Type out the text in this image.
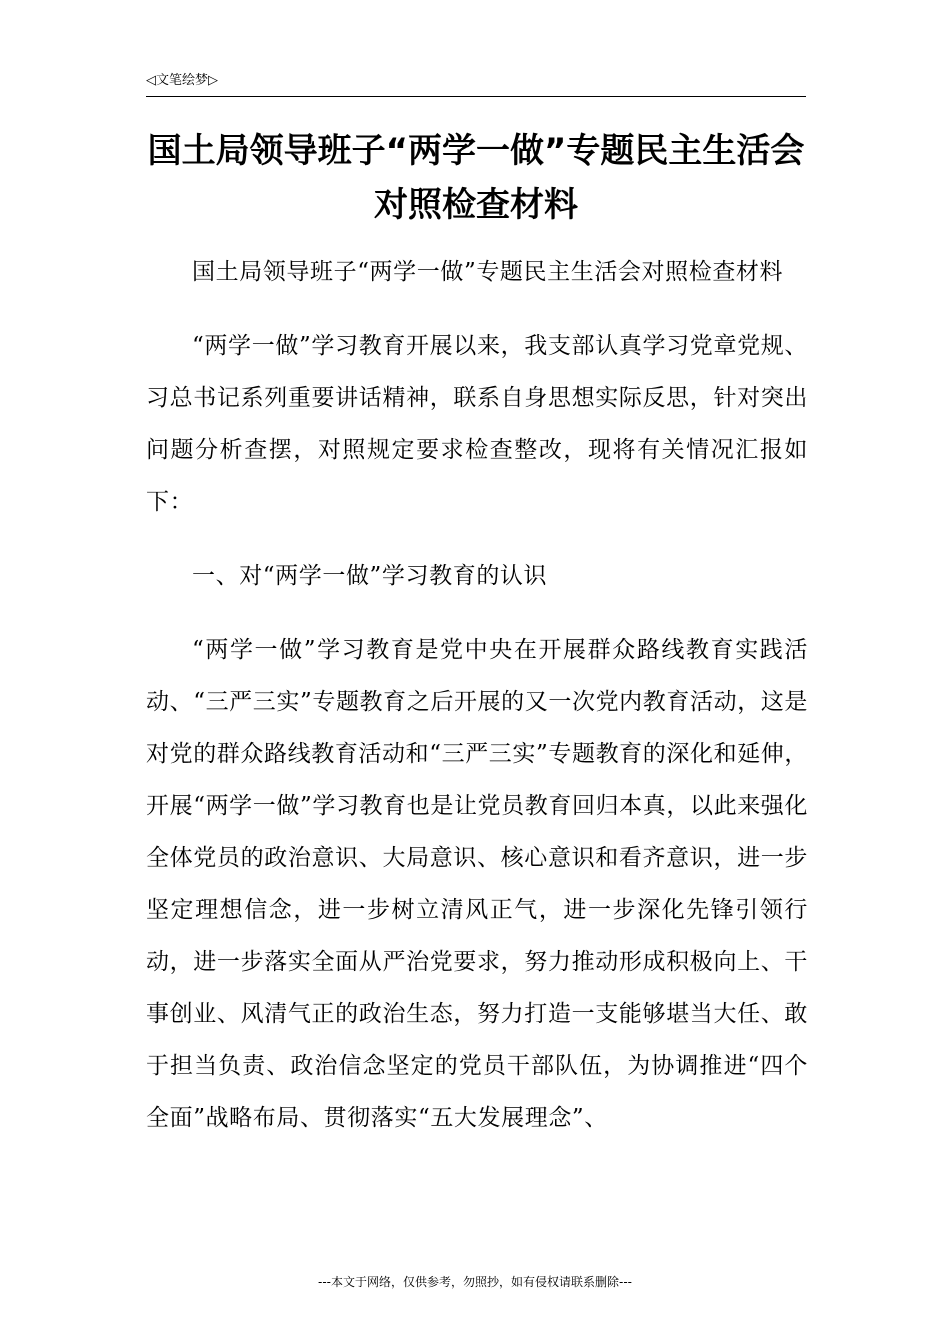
◁文笔绘梦▷
国土局领导班子“两学一做”专题民主生活会对照检查材料

国土局领导班子“两学一做”专题民主生活会对照检查材料

“两学一做”学习教育开展以来，我支部认真学习党章党规、习总书记系列重要讲话精神，联系自身思想实际反思，针对突出问题分析查摆，对照规定要求检查整改，现将有关情况汇报如下：

一、对“两学一做”学习教育的认识

“两学一做”学习教育是党中央在开展群众路线教育实践活动、“三严三实”专题教育之后开展的又一次党内教育活动，这是对党的群众路线教育活动和“三严三实”专题教育的深化和延伸，开展“两学一做”学习教育也是让党员教育回归本真，以此来强化全体党员的政治意识、大局意识、核心意识和看齐意识，进一步坚定理想信念，进一步树立清风正气，进一步深化先锋引领行动，进一步落实全面从严治党要求，努力推动形成积极向上、干事创业、风清气正的政治生态，努力打造一支能够堪当大任、敢于担当负责、政治信念坚定的党员干部队伍，为协调推进“四个全面”战略布局、贯彻落实“五大发展理念”、

---本文于网络，仅供参考，勿照抄，如有侵权请联系删除---
